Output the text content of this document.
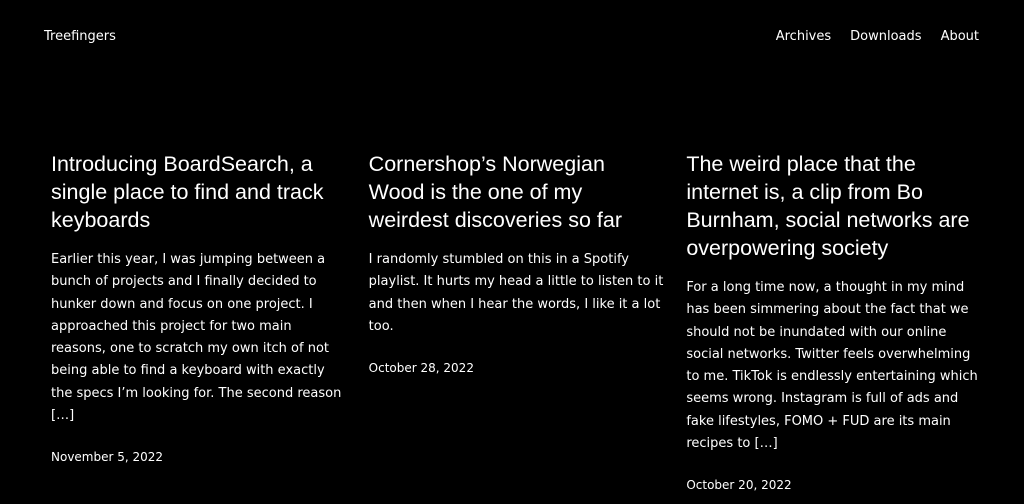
Treefingers	Archives Downloads About
Introducing BoardSearch, a single place to find and track keyboards

Earlier this year, I was jumping between a bunch of projects and I finally decided to hunker down and focus on one project. I approached this project for two main reasons, one to scratch my own itch of not being able to find a keyboard with exactly the specs I’m looking for. The second reason […]

November 5, 2022
Cornershop’s Norwegian Wood is the one of my weirdest discoveries so far

I randomly stumbled on this in a Spotify playlist. It hurts my head a little to listen to it and then when I hear the words, I like it a lot too.

October 28, 2022
The weird place that the internet is, a clip from Bo Burnham, social networks are overpowering society

For a long time now, a thought in my mind has been simmering about the fact that we should not be inundated with our online social networks. Twitter feels overwhelming to me. TikTok is endlessly entertaining which seems wrong. Instagram is full of ads and fake lifestyles, FOMO + FUD are its main recipes to […]

October 20, 2022
